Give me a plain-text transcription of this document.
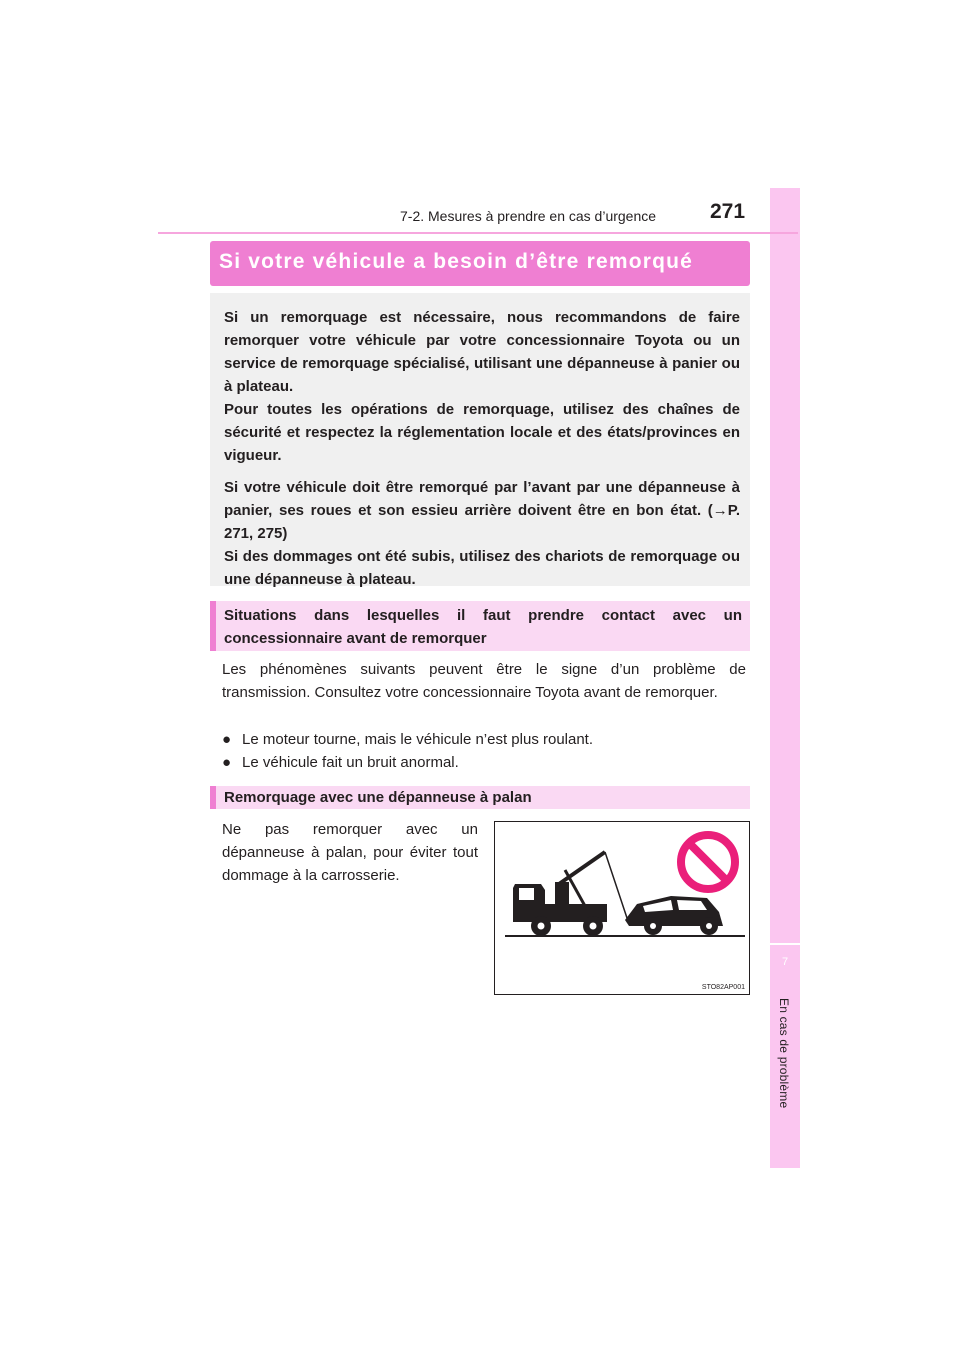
7
En cas de problème
7-2. Mesures à prendre en cas d’urgence	271
Si votre véhicule a besoin d’être remorqué

Si un remorquage est nécessaire, nous recommandons de faire remorquer votre véhicule par votre concessionnaire Toyota ou un service de remorquage spécialisé, utilisant une dépanneuse à panier ou à plateau.

Pour toutes les opérations de remorquage, utilisez des chaînes de sécurité et respectez la réglementation locale et des états/provinces en vigueur.

Si votre véhicule doit être remorqué par l’avant par une dépanneuse à panier, ses roues et son essieu arrière doivent être en bon état. (→P. 271, 275)

Si des dommages ont été subis, utilisez des chariots de remorquage ou une dépanneuse à plateau.

Situations dans lesquelles il faut prendre contact avec un concessionnaire avant de remorquer
Les phénomènes suivants peuvent être le signe d’un problème de transmission. Consultez votre concessionnaire Toyota avant de remorquer.
● Le moteur tourne, mais le véhicule n’est plus roulant.
● Le véhicule fait un bruit anormal.
Remorquage avec une dépanneuse à palan
Ne pas remorquer avec un dépanneuse à palan, pour éviter tout dommage à la carrosserie.
STO82AP001
